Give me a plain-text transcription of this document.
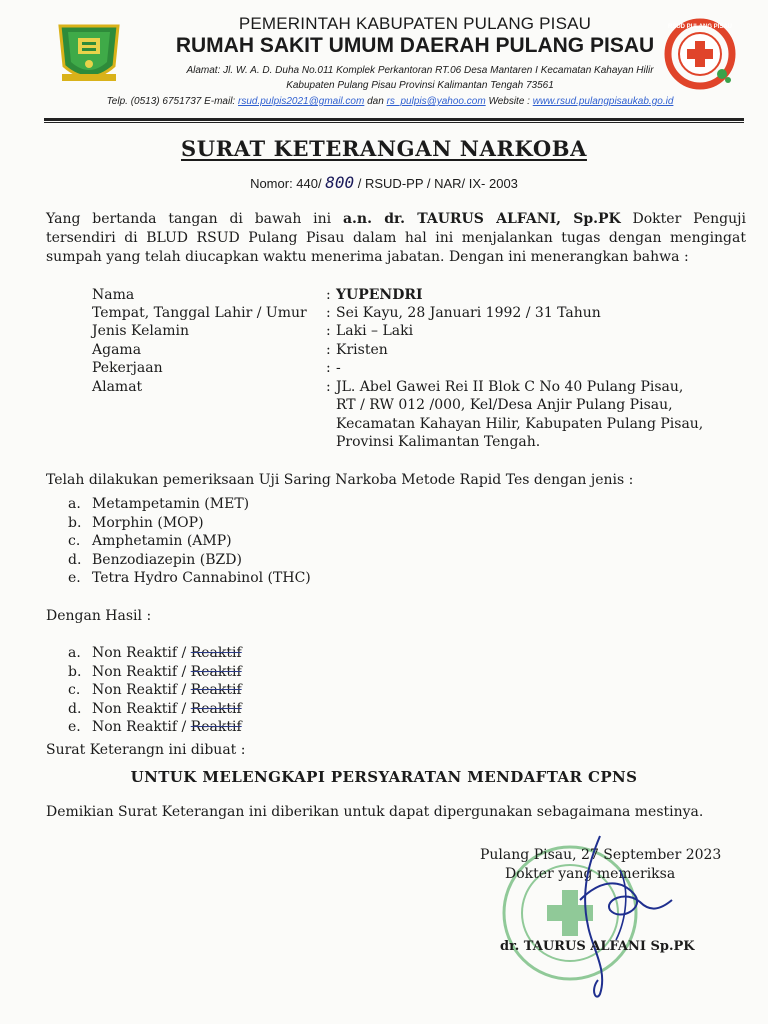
PEMERINTAH KABUPATEN PULANG PISAU
RUMAH SAKIT UMUM DAERAH PULANG PISAU
Alamat: Jl. W. A. D. Duha No.011 Komplek Perkantoran RT.06 Desa Mantaren I Kecamatan Kahayan Hilir
Kabupaten Pulang Pisau Provinsi Kalimantan Tengah 73561
Telp. (0513) 6751737 E-mail: rsud.pulpis2021@gmail.com dan rs_pulpis@yahoo.com Website : www.rsud.pulangpisaukab.go.id
RSUD PULANG PISAU
SURAT KETERANGAN NARKOBA
Nomor: 440/ 800 / RSUD-PP / NAR/ IX- 2003
Yang bertanda tangan di bawah ini a.n. dr. TAURUS ALFANI, Sp.PK Dokter Penguji
tersendiri di BLUD RSUD Pulang Pisau dalam hal ini menjalankan tugas dengan mengingat
sumpah yang telah diucapkan waktu menerima jabatan. Dengan ini menerangkan bahwa :
Nama	: YUPENDRI
Tempat, Tanggal Lahir / Umur	: Sei Kayu, 28 Januari 1992 / 31 Tahun
Jenis Kelamin	: Laki – Laki
Agama	: Kristen
Pekerjaan	: -
Alamat	: JL. Abel Gawei Rei II Blok C No 40 Pulang Pisau,
RT / RW 012 /000, Kel/Desa Anjir Pulang Pisau,
Kecamatan Kahayan Hilir, Kabupaten Pulang Pisau,
Provinsi Kalimantan Tengah.
Telah dilakukan pemeriksaan Uji Saring Narkoba Metode Rapid Tes dengan jenis :
a. Metampetamin (MET)
b. Morphin (MOP)
c. Amphetamin (AMP)
d. Benzodiazepin (BZD)
e. Tetra Hydro Cannabinol (THC)
Dengan Hasil :
a. Non Reaktif / Reaktif
b. Non Reaktif / Reaktif
c. Non Reaktif / Reaktif
d. Non Reaktif / Reaktif
e. Non Reaktif / Reaktif
Surat Keterangn ini dibuat :
UNTUK MELENGKAPI PERSYARATAN MENDAFTAR CPNS
Demikian Surat Keterangan ini diberikan untuk dapat dipergunakan sebagaimana mestinya.
Pulang Pisau, 27 September 2023
Dokter yang memeriksa
dr. TAURUS ALFANI Sp.PK
